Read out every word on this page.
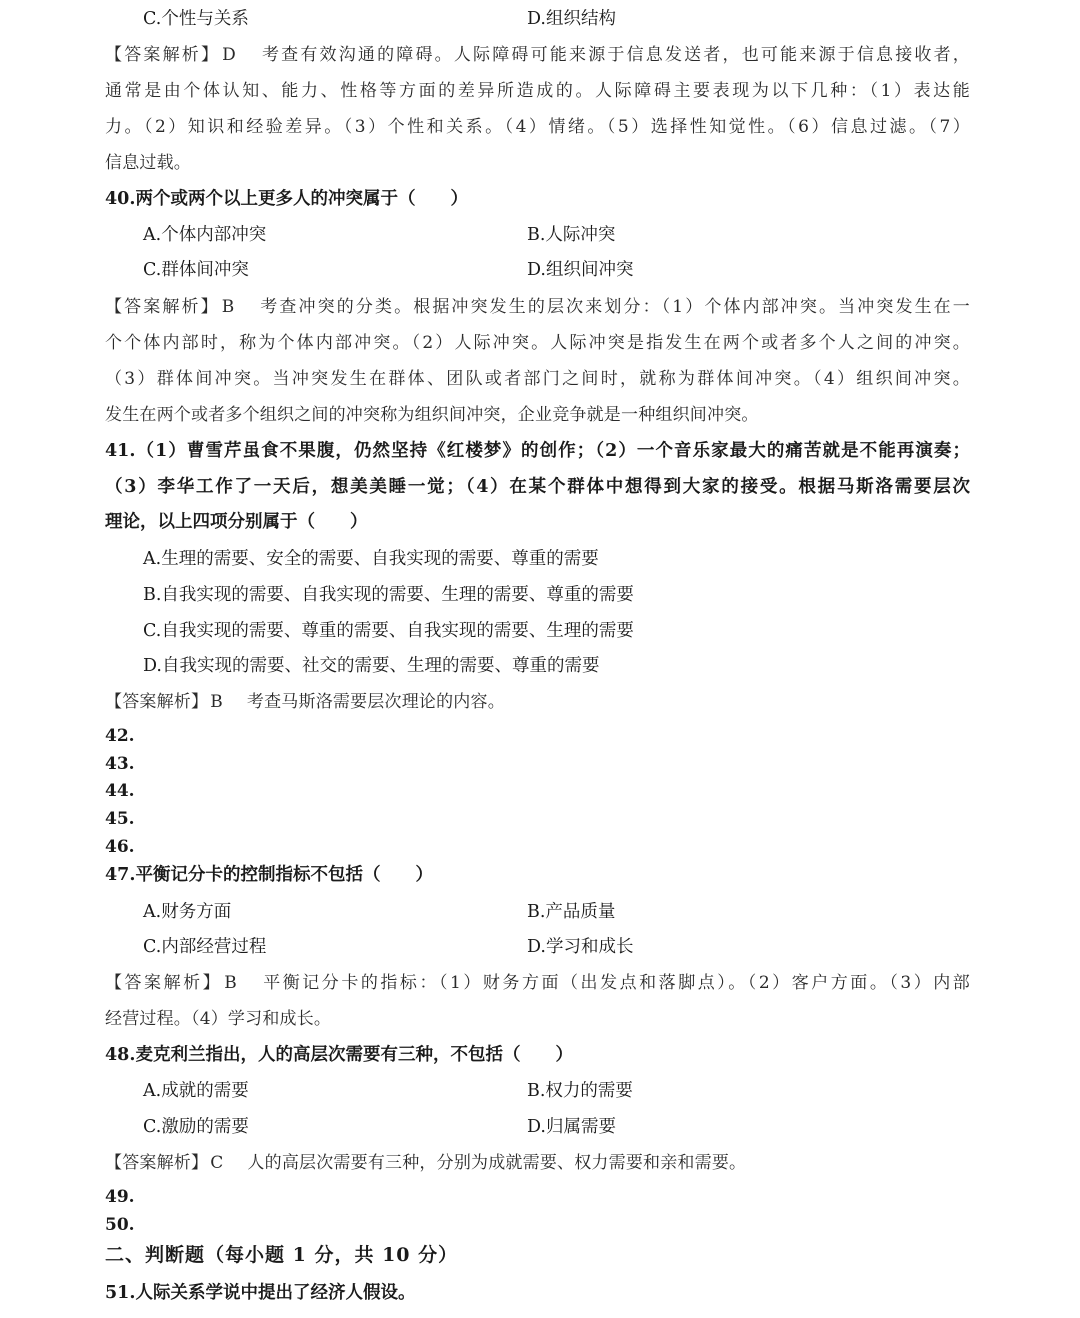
C.个性与关系	D.组织结构
【答案解析】 D 考查有效沟通的障碍。人际障碍可能来源于信息发送者，也可能来源于信息接收者，
通常是由个体认知、能力、性格等方面的差异所造成的。人际障碍主要表现为以下几种：（1）表达能
力。（2）知识和经验差异。（3）个性和关系。（4）情绪。（5）选择性知觉性。（6）信息过滤。（7）
信息过载。
40.两个或两个以上更多人的冲突属于（　　）
A.个体内部冲突	B.人际冲突
C.群体间冲突	D.组织间冲突
【答案解析】 B 考查冲突的分类。根据冲突发生的层次来划分：（1）个体内部冲突。当冲突发生在一
个个体内部时，称为个体内部冲突。（2）人际冲突。人际冲突是指发生在两个或者多个人之间的冲突。
（3）群体间冲突。当冲突发生在群体、团队或者部门之间时，就称为群体间冲突。（4）组织间冲突。
发生在两个或者多个组织之间的冲突称为组织间冲突，企业竞争就是一种组织间冲突。
41.（1）曹雪芹虽食不果腹，仍然坚持《红楼梦》的创作；（2）一个音乐家最大的痛苦就是不能再演奏；
（3）李华工作了一天后，想美美睡一觉；（4）在某个群体中想得到大家的接受。根据马斯洛需要层次
理论，以上四项分别属于（　　）
A.生理的需要、安全的需要、自我实现的需要、尊重的需要
B.自我实现的需要、自我实现的需要、生理的需要、尊重的需要
C.自我实现的需要、尊重的需要、自我实现的需要、生理的需要
D.自我实现的需要、社交的需要、生理的需要、尊重的需要
【答案解析】 B 考查马斯洛需要层次理论的内容。
42.
43.
44.
45.
46.
47.平衡记分卡的控制指标不包括（　　）
A.财务方面	B.产品质量
C.内部经营过程	D.学习和成长
【答案解析】 B 平衡记分卡的指标：（1）财务方面（出发点和落脚点）。（2）客户方面。（3）内部
经营过程。（4）学习和成长。
48.麦克利兰指出，人的高层次需要有三种，不包括（　　）
A.成就的需要	B.权力的需要
C.激励的需要	D.归属需要
【答案解析】 C 人的高层次需要有三种，分别为成就需要、权力需要和亲和需要。
49.
50.
二、判断题（每小题 1 分，共 10 分）
51.人际关系学说中提出了经济人假设。
